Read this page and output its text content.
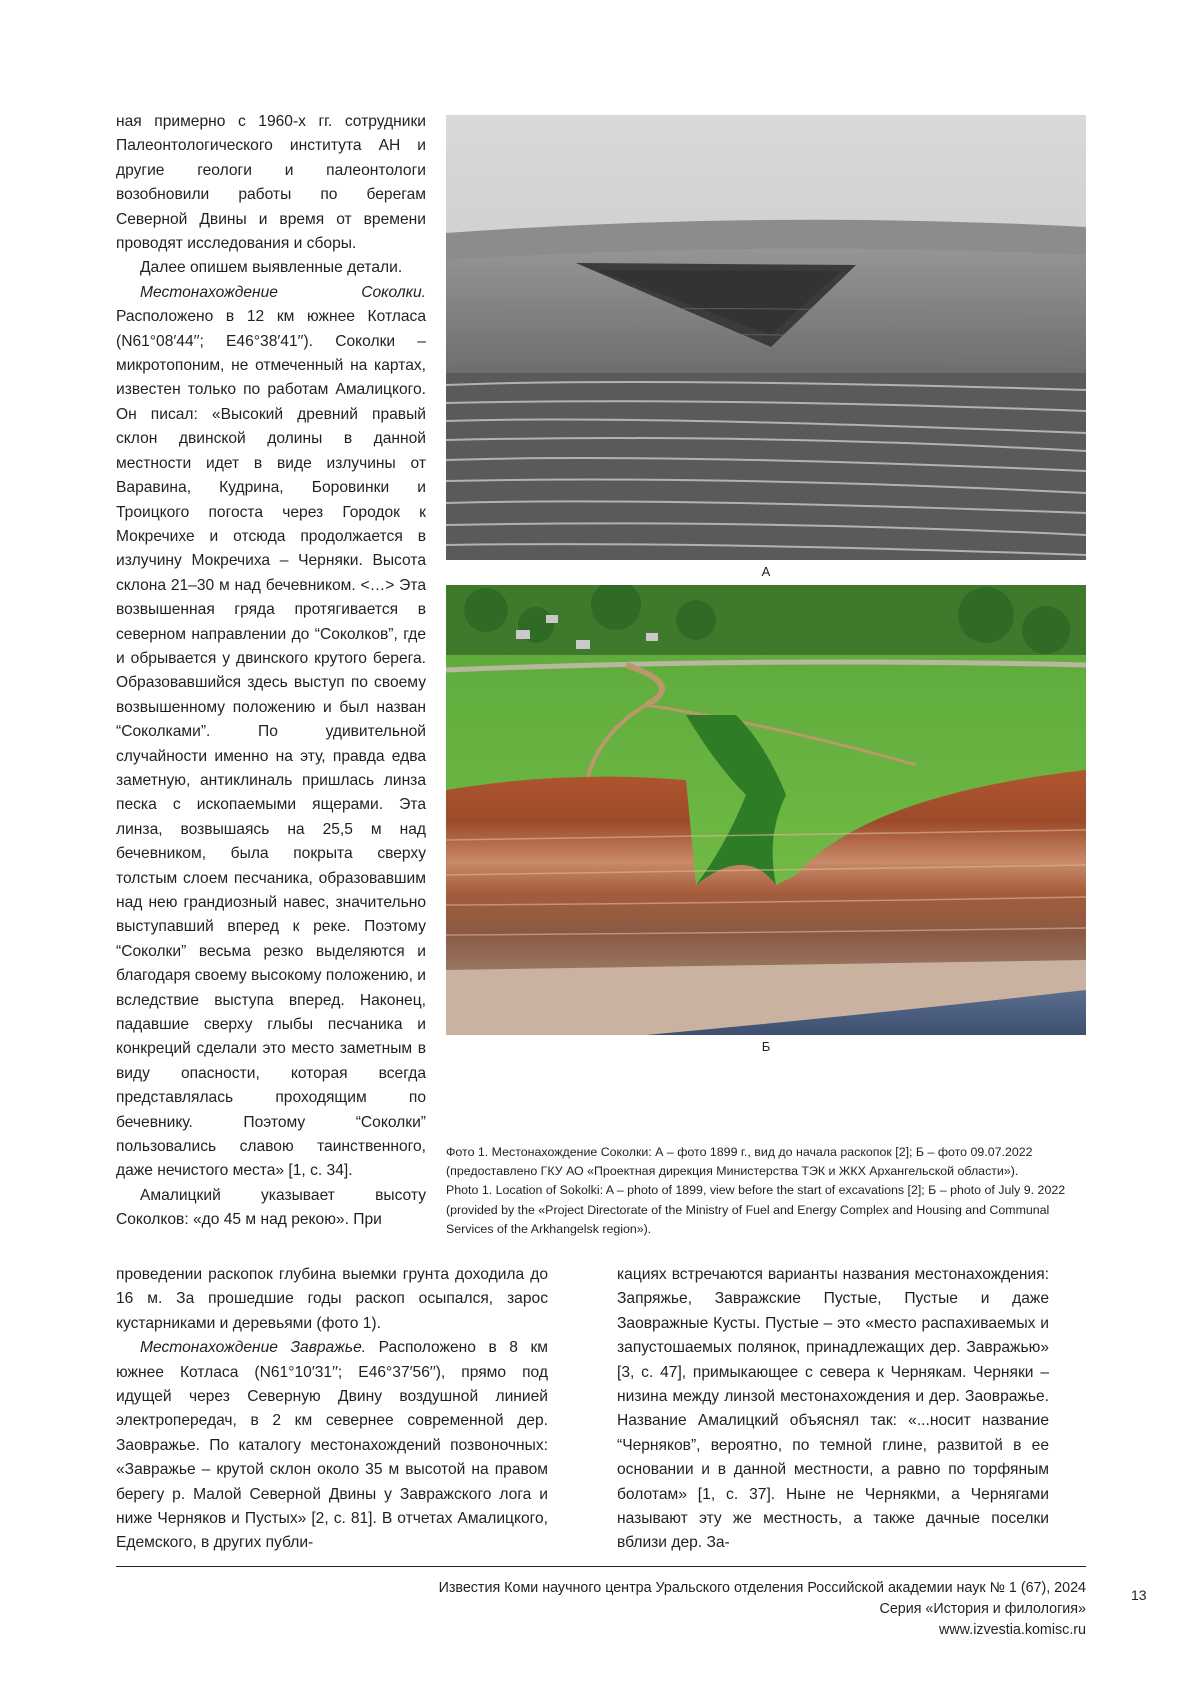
ная примерно с 1960-х гг. сотрудники Палеонтологического института АН и другие геологи и палеонтологи возобновили работы по берегам Северной Двины и время от времени проводят исследования и сборы.

Далее опишем выявленные детали.

Местонахождение Соколки. Расположено в 12 км южнее Котласа (N61°08′44′′; E46°38′41′′). Соколки – микротопоним, не отмеченный на картах, известен только по работам Амалицкого. Он писал: «Высокий древний правый склон двинской долины в данной местности идет в виде излучины от Варавина, Кудрина, Боровинки и Троицкого погоста через Городок к Мокречихе и отсюда продолжается в излучину Мокречиха – Черняки. Высота склона 21–30 м над бечевником. <…> Эта возвышенная гряда протягивается в северном направлении до “Соколков”, где и обрывается у двинского крутого берега. Образовавшийся здесь выступ по своему возвышенному положению и был назван “Соколками”. По удивительной случайности именно на эту, правда едва заметную, антиклиналь пришлась линза песка с ископаемыми ящерами. Эта линза, возвышаясь на 25,5 м над бечевником, была покрыта сверху толстым слоем песчаника, образовавшим над нею грандиозный навес, значительно выступавший вперед к реке. Поэтому “Соколки” весьма резко выделяются и благодаря своему высокому положению, и вследствие выступа вперед. Наконец, падавшие сверху глыбы песчаника и конкреций сделали это место заметным в виду опасности, которая всегда представлялась проходящим по бечевнику. Поэтому “Соколки” пользовались славою таинственного, даже нечистого места» [1, с. 34].

Амалицкий указывает высоту Соколков: «до 45 м над рекою». При

А
Б

Фото 1. Местонахождение Соколки: А – фото 1899 г., вид до начала раскопок [2]; Б – фото 09.07.2022 (предоставлено ГКУ АО «Проектная дирекция Министерства ТЭК и ЖКХ Архангельской области»).

Photo 1. Location of Sokolki: A – photo of 1899, view before the start of excavations [2]; Б – photo of July 9. 2022 (provided by the «Project Directorate of the Ministry of Fuel and Energy Complex and Housing and Communal Services of the Arkhangelsk region»).

проведении раскопок глубина выемки грунта доходила до 16 м. За прошедшие годы раскоп осыпался, зарос кустарниками и деревьями (фото 1).

Местонахождение Завражье. Расположено в 8 км южнее Котласа (N61°10′31′′; E46°37′56′′), прямо под идущей через Северную Двину воздушной линией электропередач, в 2 км севернее современной дер. Заовражье. По каталогу местонахождений позвоночных: «Завражье – крутой склон около 35 м высотой на правом берегу р. Малой Северной Двины у Завражского лога и ниже Черняков и Пустых» [2, с. 81]. В отчетах Амалицкого, Едемского, в других публи-

кациях встречаются варианты названия местонахождения: Запряжье, Завражские Пустые, Пустые и даже Заовражные Кусты. Пустые – это «место распахиваемых и запустошаемых полянок, принадлежащих дер. Завражью» [3, с. 47], примыкающее с севера к Чернякам. Черняки – низина между линзой местонахождения и дер. Заовражье. Название Амалицкий объяснял так: «...носит название “Черняков”, вероятно, по темной глине, развитой в ее основании и в данной местности, а равно по торфяным болотам» [1, с. 37]. Ныне не Чернякми, а Чернягами называют эту же местность, а также дачные поселки вблизи дер. За-

Известия Коми научного центра Уральского отделения Российской академии наук № 1 (67), 2024
Серия «История и филология»
www.izvestia.komisc.ru
13
